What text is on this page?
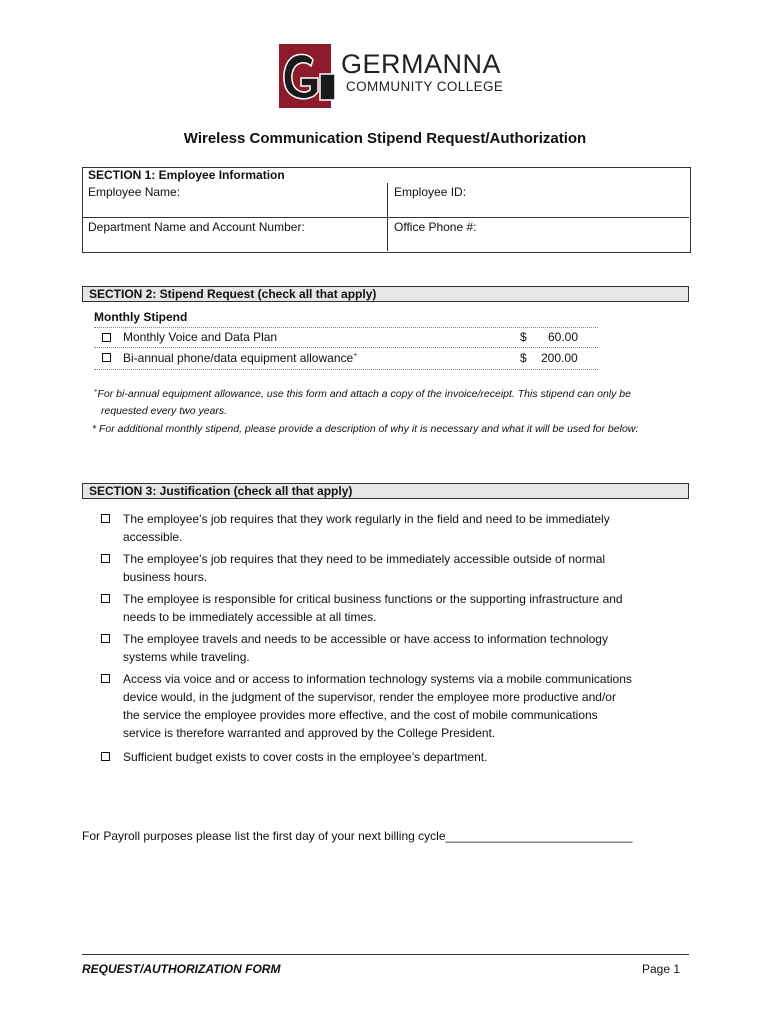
GERMANNA
COMMUNITY COLLEGE
Wireless Communication Stipend Request/Authorization
SECTION 1: Employee Information
Employee Name:	Employee ID:
Department Name and Account Number:	Office Phone #:
SECTION 2: Stipend Request (check all that apply)
Monthly Stipend
Monthly Voice and Data Plan	$ 60.00
Bi-annual phone/data equipment allowance+	$ 200.00
+For bi-annual equipment allowance, use this form and attach a copy of the invoice/receipt. This stipend can only be
requested every two years.
* For additional monthly stipend, please provide a description of why it is necessary and what it will be used for below:
SECTION 3: Justification (check all that apply)
The employee’s job requires that they work regularly in the field and need to be immediately
accessible.
The employee’s job requires that they need to be immediately accessible outside of normal
business hours.
The employee is responsible for critical business functions or the supporting infrastructure and
needs to be immediately accessible at all times.
The employee travels and needs to be accessible or have access to information technology
systems while traveling.
Access via voice and or access to information technology systems via a mobile communications
device would, in the judgment of the supervisor, render the employee more productive and/or
the service the employee provides more effective, and the cost of mobile communications
service is therefore warranted and approved by the College President.
Sufficient budget exists to cover costs in the employee’s department.
For Payroll purposes please list the first day of your next billing cycle____________________________
REQUEST/AUTHORIZATION FORM	Page 1
